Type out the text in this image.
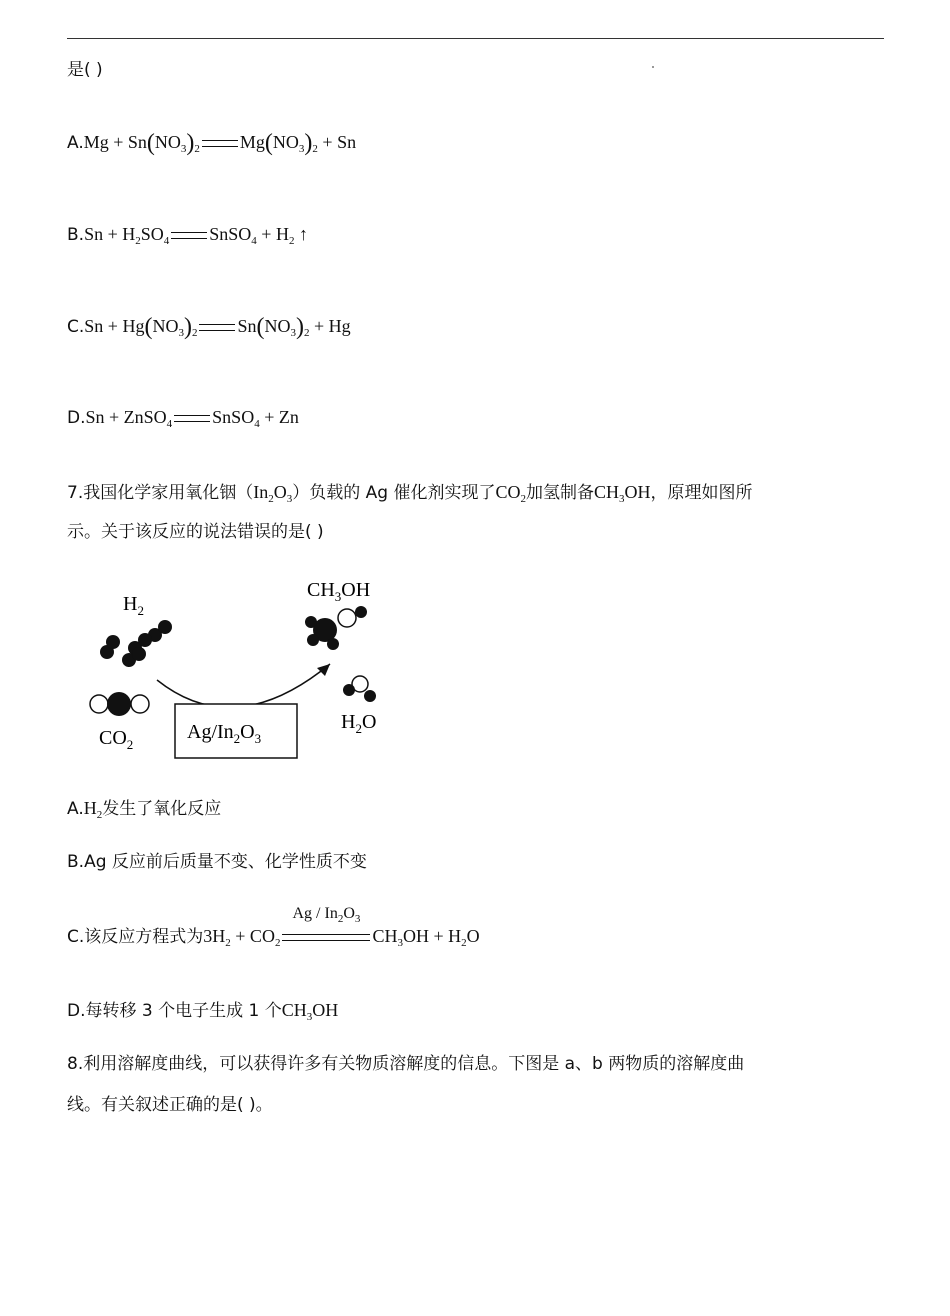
是( )
$A.Mg + Sn(NO_3)_2$ $Mg(NO_3)_2 + Sn$
$B.Sn + H_2SO_4$ SnSO$_4$ + $H_2$ ↑
$C.Sn + Hg(NO_3)_2$ $Sn(NO_3)_2 + Hg$
D.Sn + ZnSO$_4$ SnSO$_4$ + Zn
7.我国化学家用氧化铟$(In_2O_3)$负载的 Ag 催化剂实现了$CO_2$加氢制备$CH_3OH$，原理如图所
示。关于该反应的说法错误的是( )
$H_2$
$CO_2$
$Ag/In_2O_3$
$CH_3OH$
$H_2O$
$A.H_2$发生了氧化反应
B.Ag 反应前后质量不变、化学性质不变
C.该反应方程式为$3H_2 + CO_2$
Ag / $In_2O_3$
$CH_3OH + H_2O$
D.每转移 3 个电子生成 1 个$CH_3OH$
8.利用溶解度曲线，可以获得许多有关物质溶解度的信息。下图是 a、b 两物质的溶解度曲
线。有关叙述正确的是( )。
